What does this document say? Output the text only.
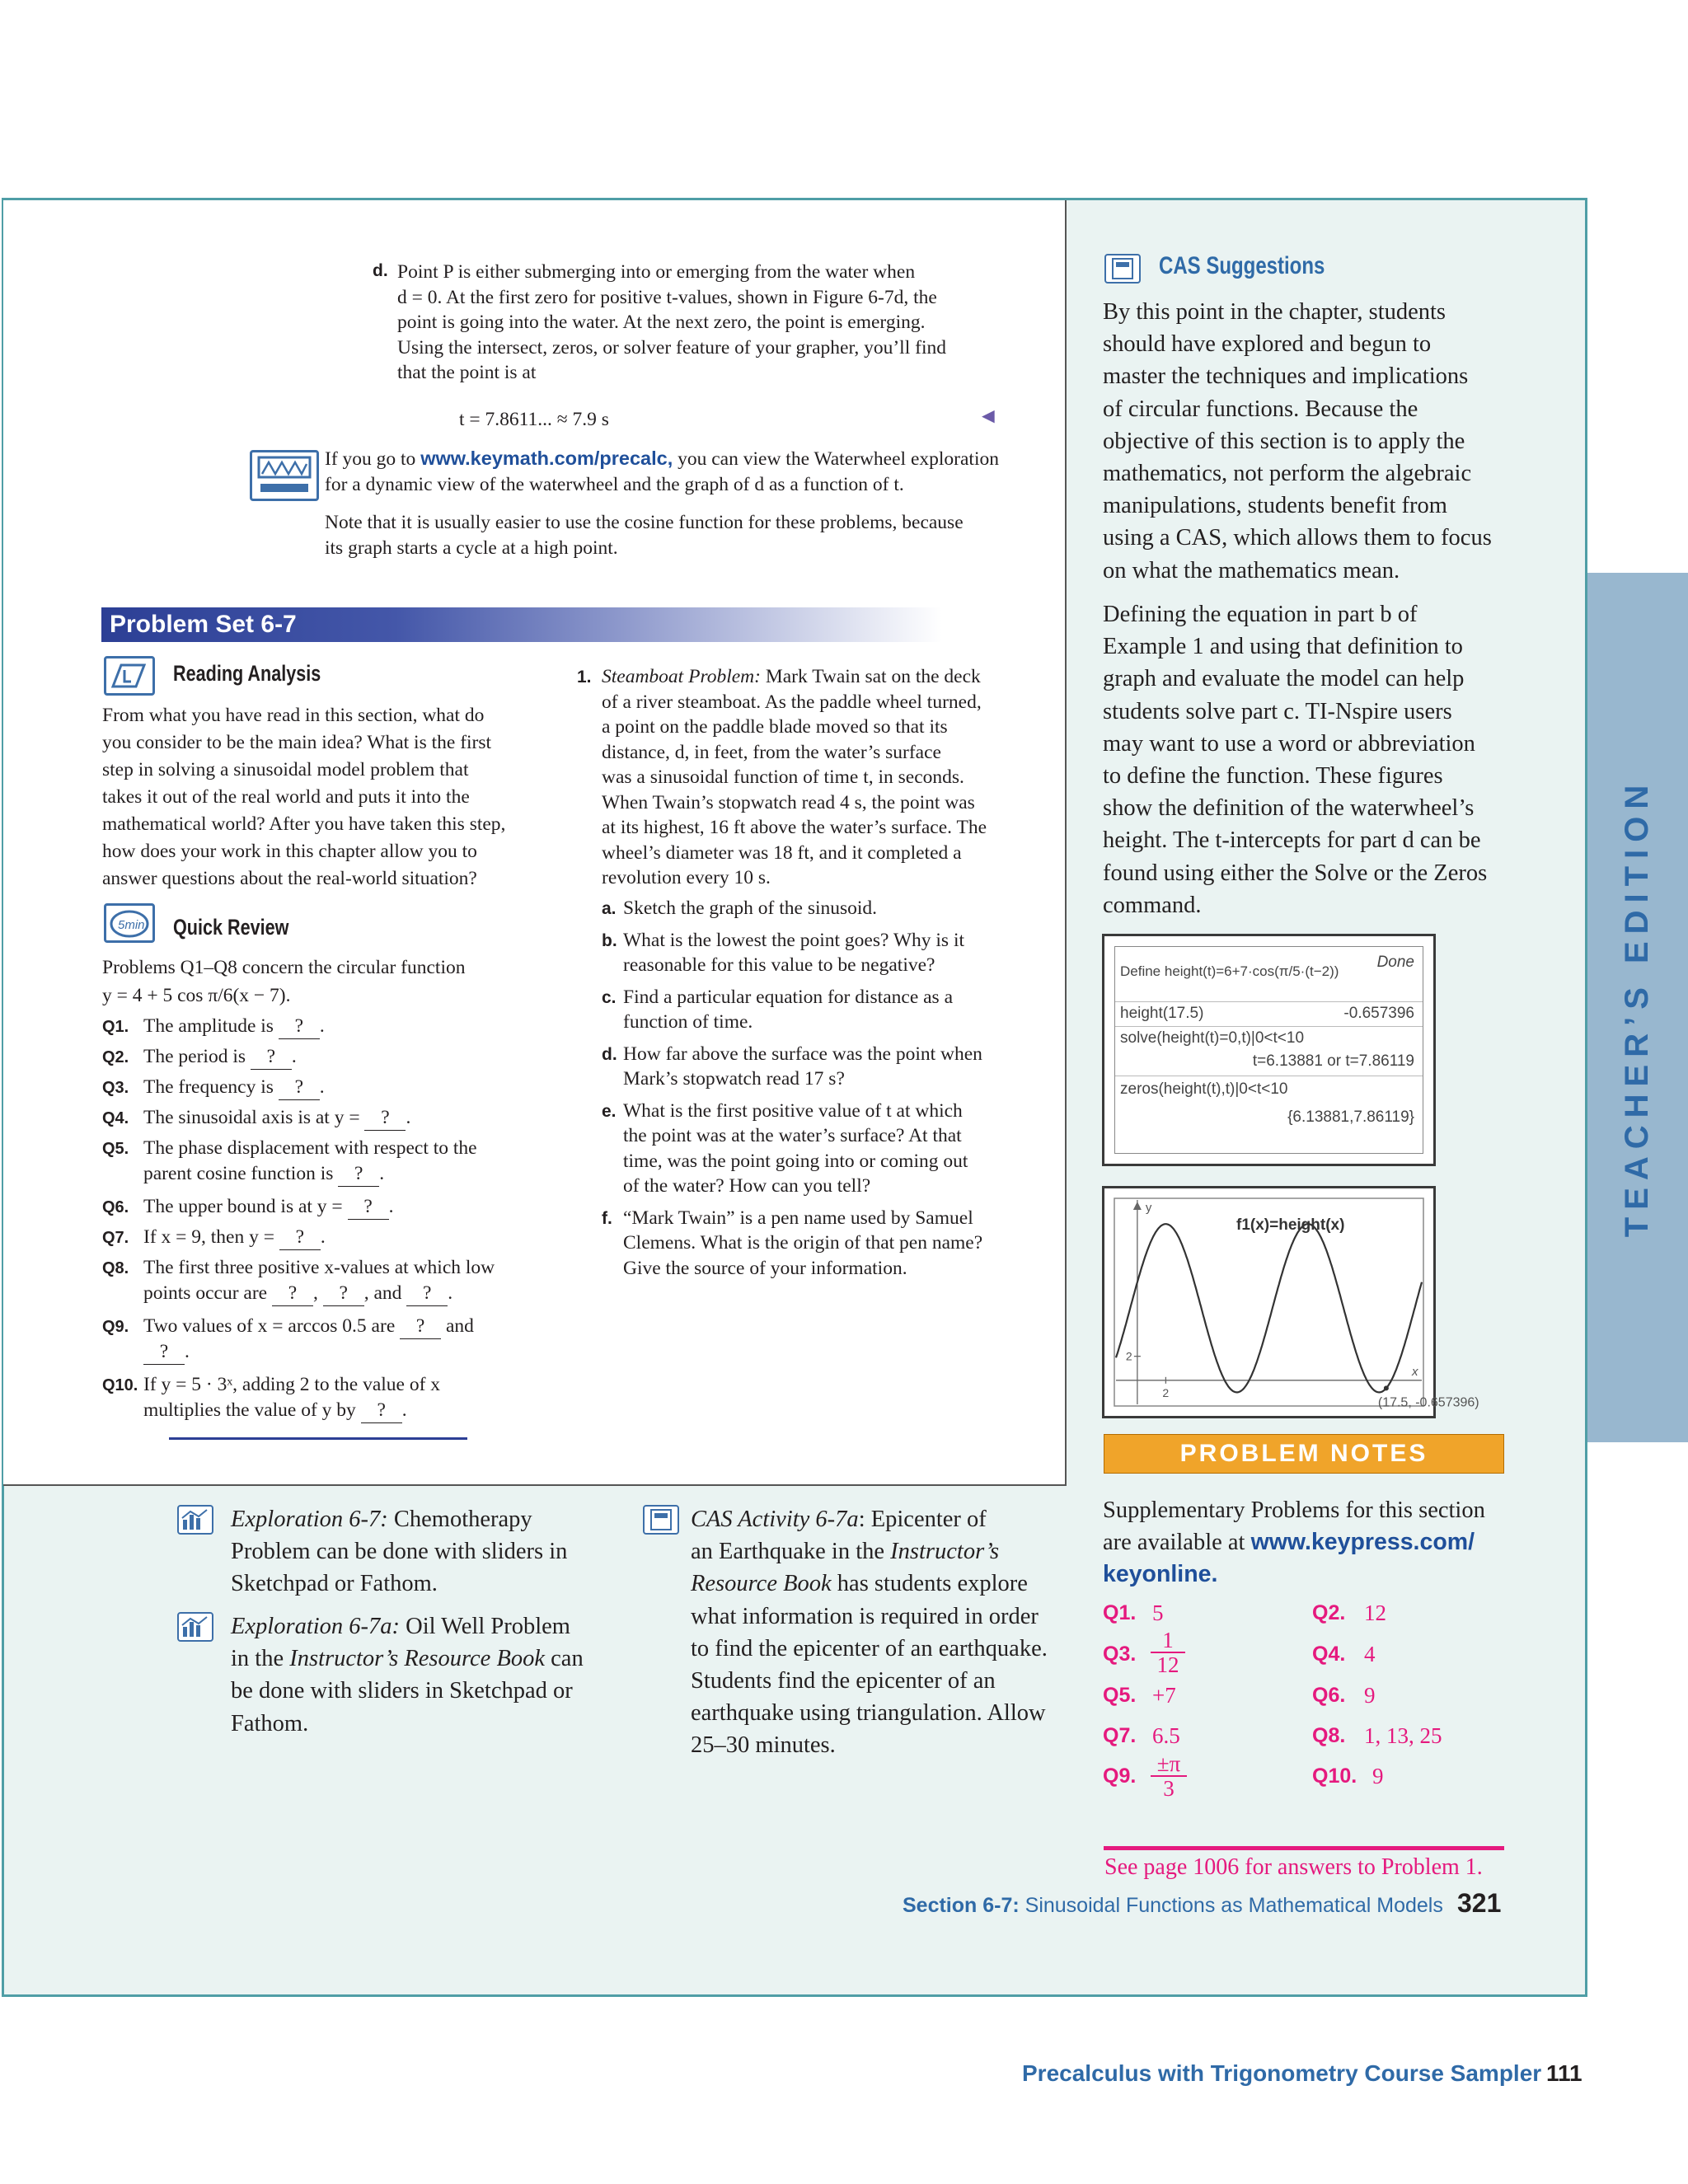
TEACHER’S EDITION
d. Point P is either submerging into or emerging from the water when
d = 0. At the first zero for positive t-values, shown in Figure 6-7d, the
point is going into the water. At the next zero, the point is emerging.
Using the intersect, zeros, or solver feature of your grapher, you’ll find
that the point is at
t = 7.8611... ≈ 7.9 s	◄
If you go to www.keymath.com/precalc, you can view the Waterwheel exploration
for a dynamic view of the waterwheel and the graph of d as a function of t.
Note that it is usually easier to use the cosine function for these problems, because
its graph starts a cycle at a high point.
Problem Set 6-7
Reading Analysis
From what you have read in this section, what do
you consider to be the main idea? What is the first
step in solving a sinusoidal model problem that
takes it out of the real world and puts it into the
mathematical world? After you have taken this step,
how does your work in this chapter allow you to
answer questions about the real-world situation?
5min Quick Review
Problems Q1–Q8 concern the circular function
y = 4 + 5 cos π/6(x − 7).
Q1. The amplitude is ? .
Q2. The period is ? .
Q3. The frequency is ? .
Q4. The sinusoidal axis is at y = ? .
Q5. The phase displacement with respect to the
parent cosine function is ? .
Q6. The upper bound is at y = ? .
Q7. If x = 9, then y = ? .
Q8. The first three positive x-values at which low
points occur are ? , ? , and ? .
Q9. Two values of x = arccos 0.5 are ? and
? .
Q10. If y = 5 · 3ˣ, adding 2 to the value of x
multiplies the value of y by ? .
1. Steamboat Problem: Mark Twain sat on the deck
of a river steamboat. As the paddle wheel turned,
a point on the paddle blade moved so that its
distance, d, in feet, from the water’s surface
was a sinusoidal function of time t, in seconds.
When Twain’s stopwatch read 4 s, the point was
at its highest, 16 ft above the water’s surface. The
wheel’s diameter was 18 ft, and it completed a
revolution every 10 s.
a. Sketch the graph of the sinusoid.
b. What is the lowest the point goes? Why is it
reasonable for this value to be negative?
c. Find a particular equation for distance as a
function of time.
d. How far above the surface was the point when
Mark’s stopwatch read 17 s?
e. What is the first positive value of t at which
the point was at the water’s surface? At that
time, was the point going into or coming out
of the water? How can you tell?
f. “Mark Twain” is a pen name used by Samuel
Clemens. What is the origin of that pen name?
Give the source of your information.
CAS Suggestions
By this point in the chapter, students
should have explored and begun to
master the techniques and implications
of circular functions. Because the
objective of this section is to apply the
mathematics, not perform the algebraic
manipulations, students benefit from
using a CAS, which allows them to focus
on what the mathematics mean.
Defining the equation in part b of
Example 1 and using that definition to
graph and evaluate the model can help
students solve part c. TI-Nspire users
may want to use a word or abbreviation
to define the function. These figures
show the definition of the waterwheel’s
height. The t-intercepts for part d can be
found using either the Solve or the Zeros
command.
Define height(t)=6+7·cos(π/5·(t−2))
Done
height(17.5)	-0.657396
solve(height(t)=0,t)|0<t<10
t=6.13881 or t=7.86119
zeros(height(t),t)|0<t<10
{6.13881,7.86119}
f1(x)=height(x)
y
x
2
2
(17.5, -0.657396)
PROBLEM NOTES
Supplementary Problems for this section
are available at www.keypress.com/
keyonline.
Q1. 5	Q2. 12
Q3. $\frac{1}{12}$	Q4. 4
Q5. +7	Q6. 9
Q7. 6.5	Q8. 1, 13, 25
Q9. $\frac{\pm\pi}{3}$	Q10. 9
See page 1006 for answers to Problem 1.
Exploration 6-7: Chemotherapy
Problem can be done with sliders in
Sketchpad or Fathom.
Exploration 6-7a: Oil Well Problem
in the Instructor’s Resource Book can
be done with sliders in Sketchpad or
Fathom.
CAS Activity 6-7a: Epicenter of
an Earthquake in the Instructor’s
Resource Book has students explore
what information is required in order
to find the epicenter of an earthquake.
Students find the epicenter of an
earthquake using triangulation. Allow
25–30 minutes.
Section 6-7: Sinusoidal Functions as Mathematical Models 321
Precalculus with Trigonometry Course Sampler 111
